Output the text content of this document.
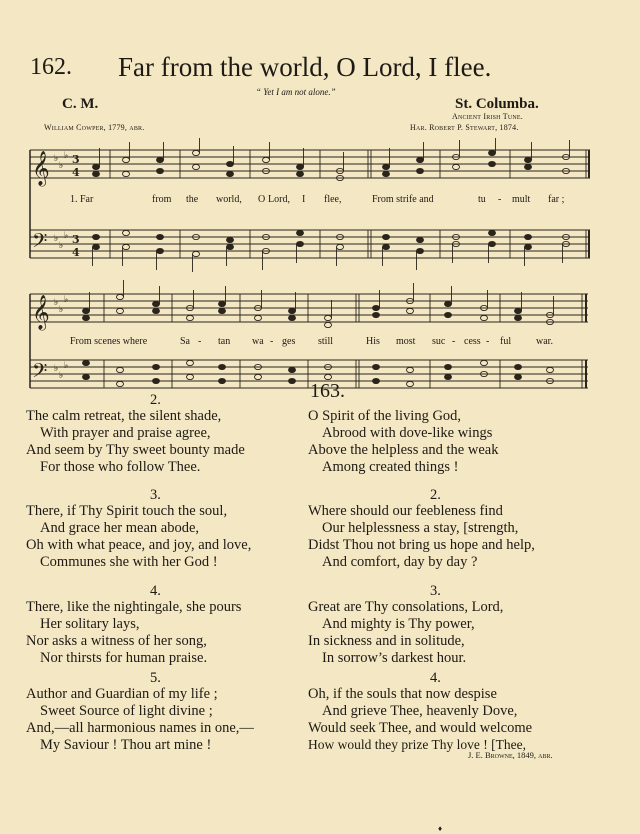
162. Far from the world, O Lord, I flee.
“ Yet I am not alone.”
C. M.	St. Columba.
William Cowper, 1779, abr.
Ancient Irish Tune.
Har. Robert P. Stewart, 1874.
𝄞
𝄢
♭
♭
♭
♭
♭
♭
3
4
3
4
1. Far	from the world, O Lord, I flee,	From strife and	tu - mult far ;
𝄞
𝄢
♭
♭
♭
♭
♭
♭
From scenes where	Sa - tan wa - ges still	His most suc - cess - ful war.
2.
The calm retreat, the silent shade,
With prayer and praise agree,
And seem by Thy sweet bounty made
For those who follow Thee.
3.
There, if Thy Spirit touch the soul,
And grace her mean abode,
Oh with what peace, and joy, and love,
Communes she with her God !
4.
There, like the nightingale, she pours
Her solitary lays,
Nor asks a witness of her song,
Nor thirsts for human praise.
5.
Author and Guardian of my life ;
Sweet Source of light divine ;
And,—all harmonious names in one,—
My Saviour ! Thou art mine !
163.
O Spirit of the living God,
Abrood with dove-like wings
Above the helpless and the weak
Among created things !
2.
Where should our feebleness find
Our helplessness a stay, [strength,
Didst Thou not bring us hope and help,
And comfort, day by day ?
3.
Great are Thy consolations, Lord,
And mighty is Thy power,
In sickness and in solitude,
In sorrow’s darkest hour.
4.
Oh, if the souls that now despise
And grieve Thee, heavenly Dove,
Would seek Thee, and would welcome
How would they prize Thy love ! [Thee,
J. E. Browne, 1849, abr.
♦
